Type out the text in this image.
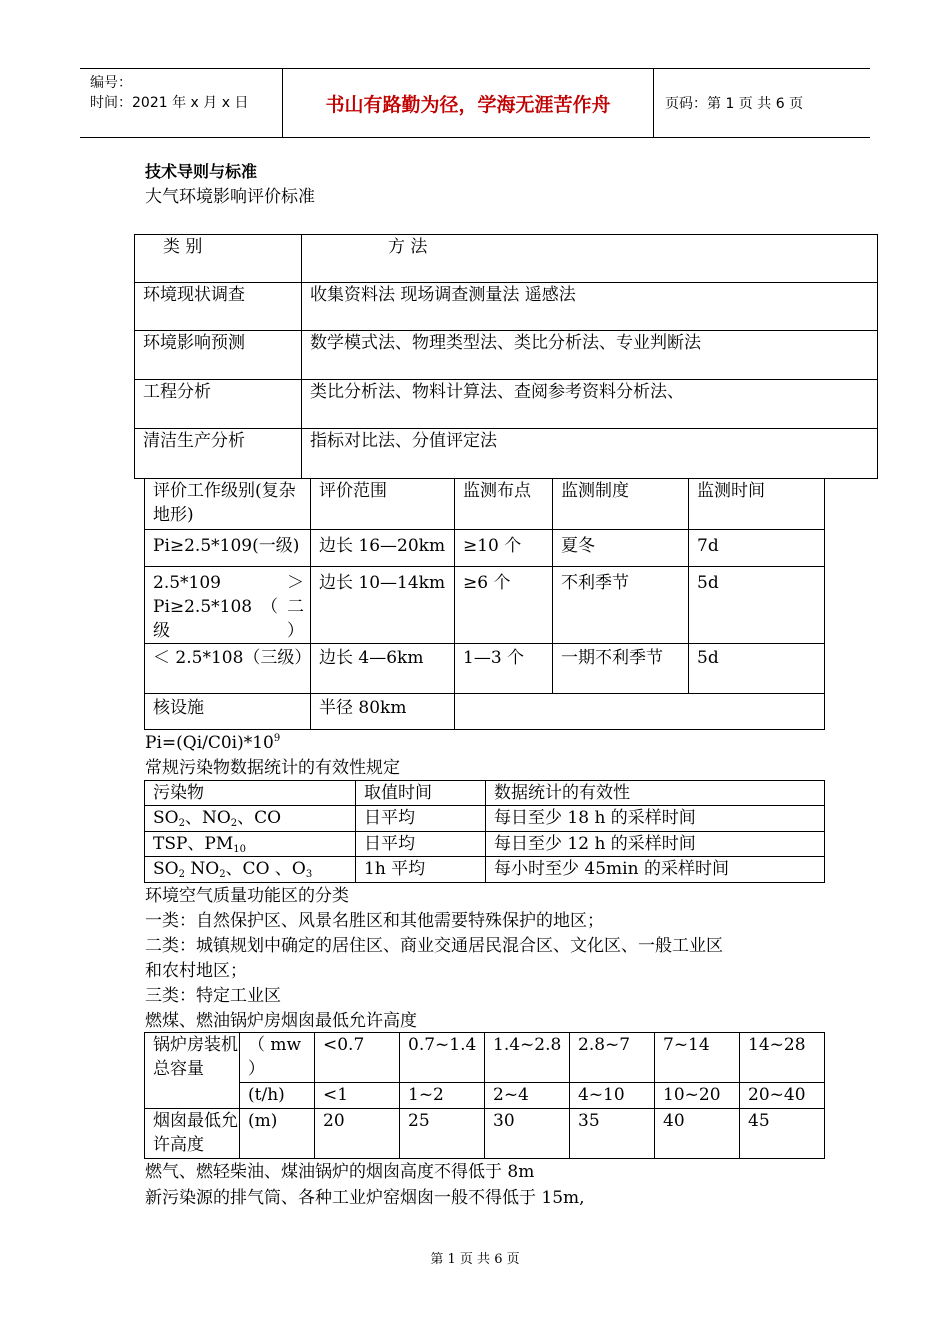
编号：
时间：2021 年 x 月 x 日	书山有路勤为径，学海无涯苦作舟	页码：第 1 页 共 6 页
技术导则与标准
大气环境影响评价标准
类 别	方 法
环境现状调查	收集资料法 现场调查测量法 遥感法
环境影响预测	数学模式法、物理类型法、类比分析法、专业判断法
工程分析	类比分析法、物料计算法、查阅参考资料分析法、
清洁生产分析	指标对比法、分值评定法
评价工作级别(复杂地形)	评价范围	监测布点	监测制度	监测时间
Pi≥2.5*109(一级)	边长 16—20km	≥10 个	夏冬	7d
2.5*109 ＞Pi≥2.5*108（二级）	边长 10—14km	≥6 个	不利季节	5d
＜ 2.5*108（三级）	边长 4—6km	1—3 个	一期不利季节	5d
核设施	半径 80km			
$Pi=(Qi/C0i)*10^9$
常规污染物数据统计的有效性规定
污染物	取值时间	数据统计的有效性
$SO_2$、$NO_2$、CO	日平均	每日至少 18 h 的采样时间
TSP、$PM_{10}$	日平均	每日至少 12 h 的采样时间
$SO_2$ $NO_2$、CO 、$O_3$	1h 平均	每小时至少 45min 的采样时间
环境空气质量功能区的分类
一类：自然保护区、风景名胜区和其他需要特殊保护的地区；
二类：城镇规划中确定的居住区、商业交通居民混合区、文化区、一般工业区
和农村地区；
三类：特定工业区
燃煤、燃油锅炉房烟囱最低允许高度
锅炉房装机总容量	（ mw ）	<0.7	0.7~1.4	1.4~2.8	2.8~7	7~14	14~28
	(t/h)	<1	1~2	2~4	4~10	10~20	20~40
烟囱最低允许高度	(m)	20	25	30	35	40	45
燃气、燃轻柴油、煤油锅炉的烟囱高度不得低于 8m
新污染源的排气筒、各种工业炉窑烟囱一般不得低于 15m,
第 1 页 共 6 页
